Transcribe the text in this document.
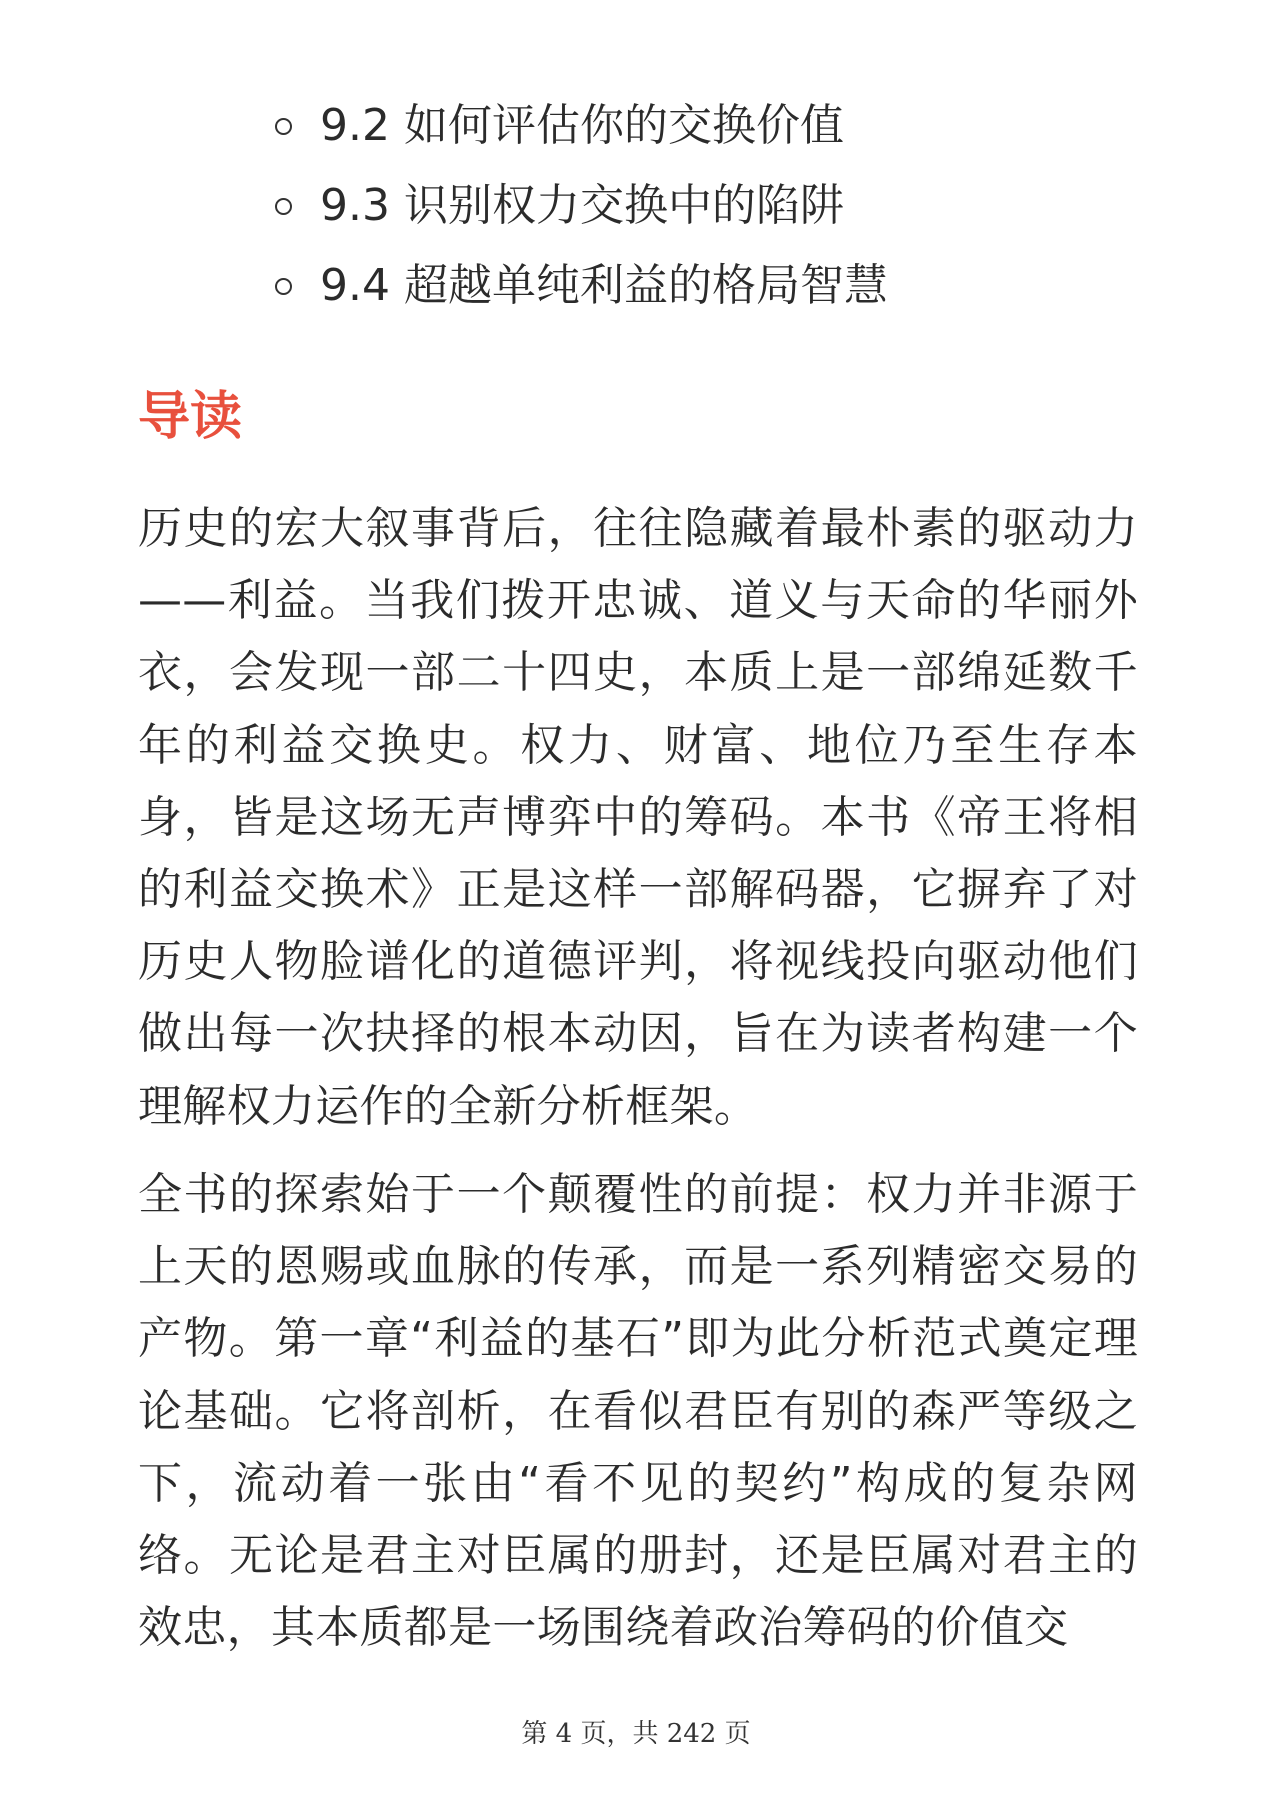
9.2 如何评估你的交换价值
9.3 识别权力交换中的陷阱
9.4 超越单纯利益的格局智慧
导读

历史的宏大叙事背后，往往隐藏着最朴素的驱动力——利益。当我们拨开忠诚、道义与天命的华丽外衣，会发现一部二十四史，本质上是一部绵延数千年的利益交换史。权力、财富、地位乃至生存本身，皆是这场无声博弈中的筹码。本书《帝王将相的利益交换术》正是这样一部解码器，它摒弃了对历史人物脸谱化的道德评判，将视线投向驱动他们做出每一次抉择的根本动因，旨在为读者构建一个理解权力运作的全新分析框架。

全书的探索始于一个颠覆性的前提：权力并非源于上天的恩赐或血脉的传承，而是一系列精密交易的产物。第一章“利益的基石”即为此分析范式奠定理论基础。它将剖析，在看似君臣有别的森严等级之下，流动着一张由“看不见的契约”构成的复杂网络。无论是君主对臣属的册封，还是臣属对君主的效忠，其本质都是一场围绕着政治筹码的价值交

第 4 页，共 242 页
